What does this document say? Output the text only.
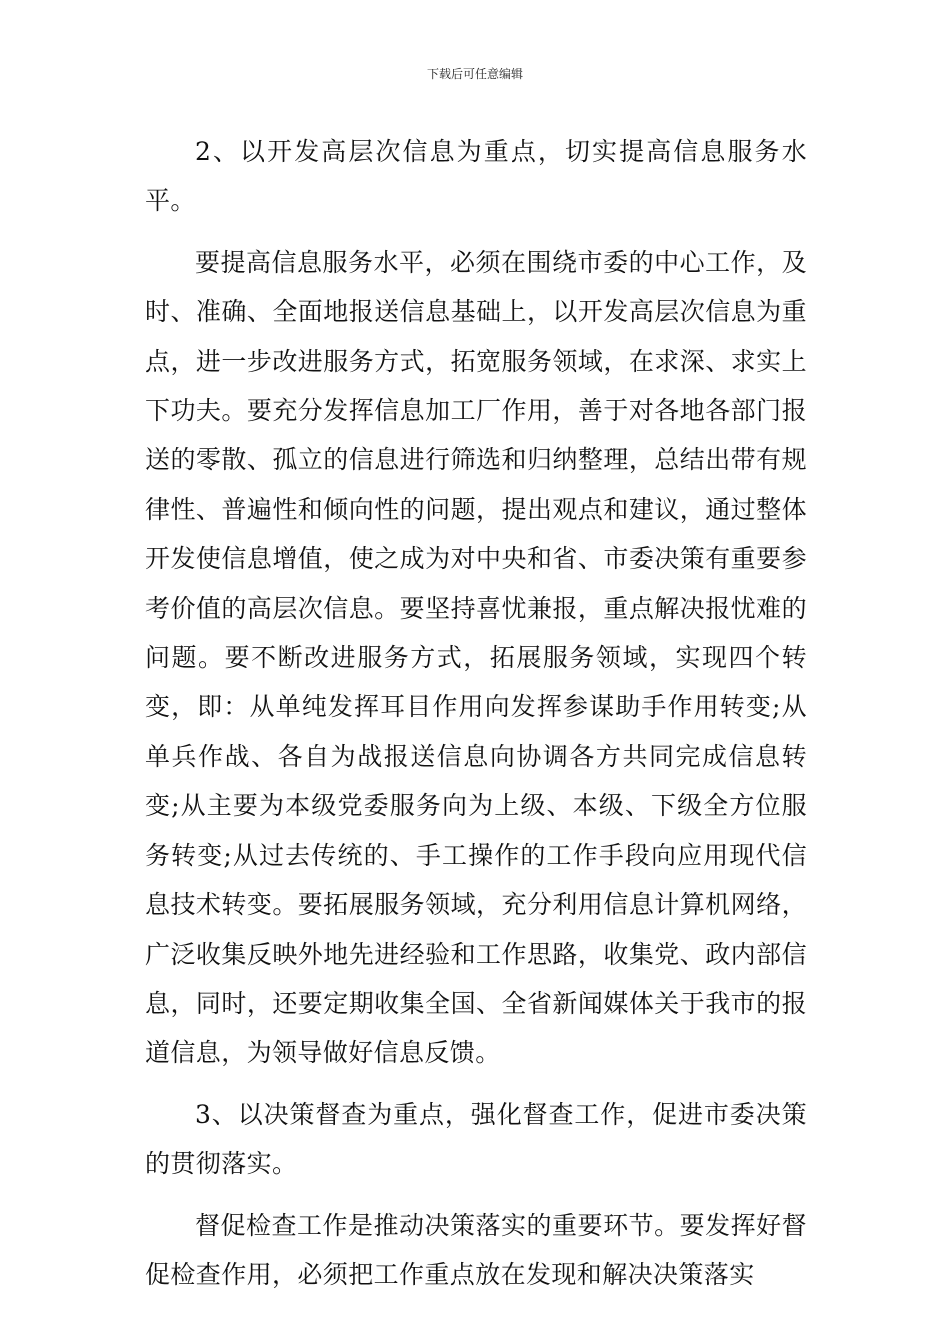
下载后可任意编辑

2、以开发高层次信息为重点，切实提高信息服务水平。

要提高信息服务水平，必须在围绕市委的中心工作，及时、准确、全面地报送信息基础上，以开发高层次信息为重点，进一步改进服务方式，拓宽服务领域，在求深、求实上下功夫。要充分发挥信息加工厂作用，善于对各地各部门报送的零散、孤立的信息进行筛选和归纳整理，总结出带有规律性、普遍性和倾向性的问题，提出观点和建议，通过整体开发使信息增值，使之成为对中央和省、市委决策有重要参考价值的高层次信息。要坚持喜忧兼报，重点解决报忧难的问题。要不断改进服务方式，拓展服务领域，实现四个转变，即：从单纯发挥耳目作用向发挥参谋助手作用转变;从单兵作战、各自为战报送信息向协调各方共同完成信息转变;从主要为本级党委服务向为上级、本级、下级全方位服务转变;从过去传统的、手工操作的工作手段向应用现代信息技术转变。要拓展服务领域，充分利用信息计算机网络，广泛收集反映外地先进经验和工作思路，收集党、政内部信息，同时，还要定期收集全国、全省新闻媒体关于我市的报道信息，为领导做好信息反馈。

3、以决策督查为重点，强化督查工作，促进市委决策的贯彻落实。

督促检查工作是推动决策落实的重要环节。要发挥好督促检查作用，必须把工作重点放在发现和解决决策落实
